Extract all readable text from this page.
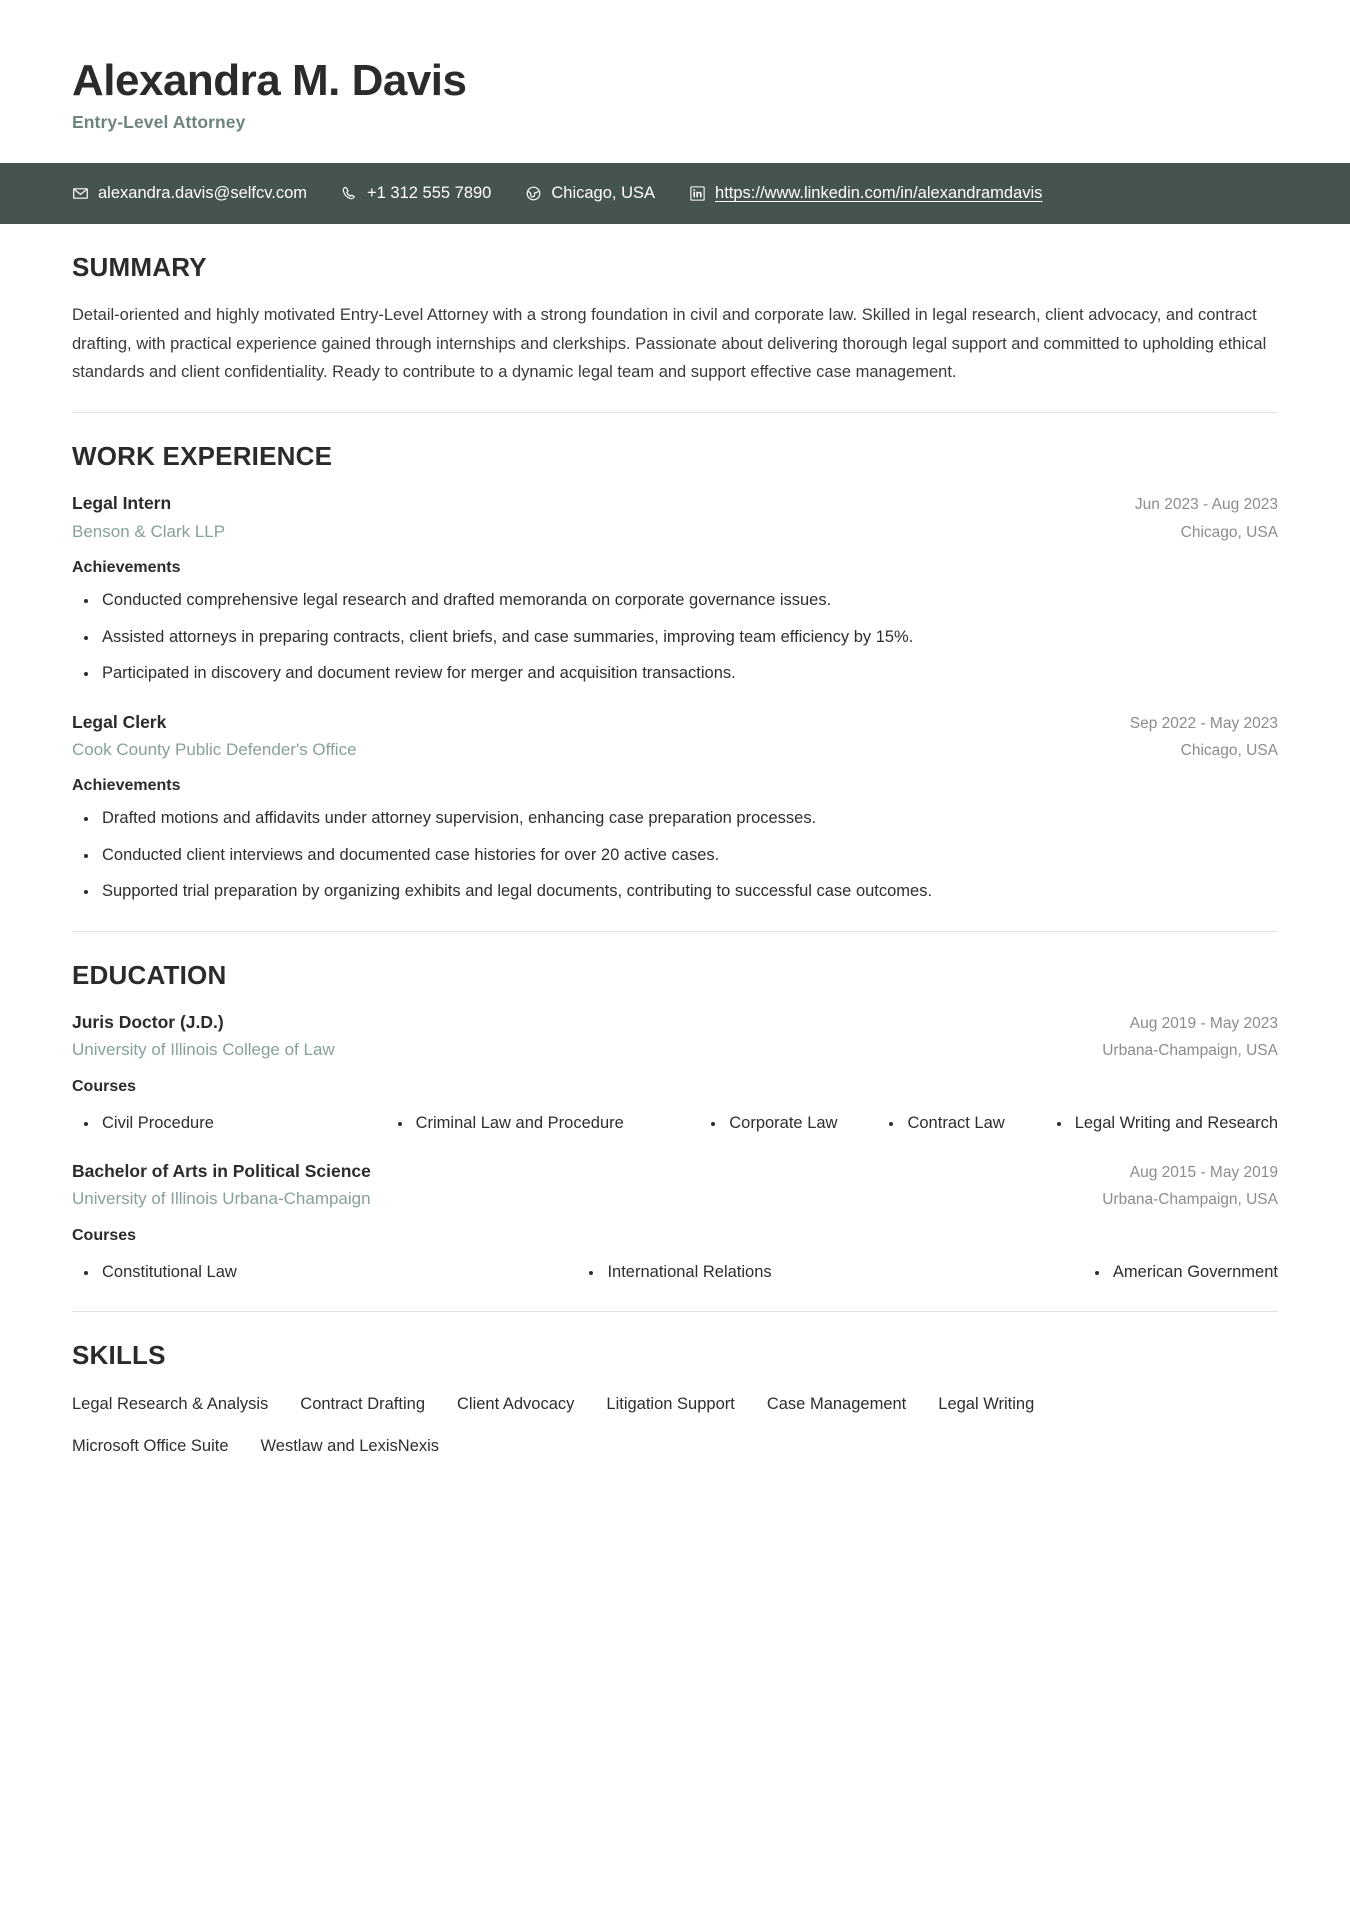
Alexandra M. Davis
Entry-Level Attorney
alexandra.davis@selfcv.com	+1 312 555 7890	Chicago, USA	https://www.linkedin.com/in/alexandramdavis
SUMMARY

Detail-oriented and highly motivated Entry-Level Attorney with a strong foundation in civil and corporate law. Skilled in legal research, client advocacy, and contract drafting, with practical experience gained through internships and clerkships. Passionate about delivering thorough legal support and committed to upholding ethical standards and client confidentiality. Ready to contribute to a dynamic legal team and support effective case management.

WORK EXPERIENCE
Legal Intern	Jun 2023 - Aug 2023
Benson & Clark LLP	Chicago, USA
Achievements
Conducted comprehensive legal research and drafted memoranda on corporate governance issues.
Assisted attorneys in preparing contracts, client briefs, and case summaries, improving team efficiency by 15%.
Participated in discovery and document review for merger and acquisition transactions.
Legal Clerk	Sep 2022 - May 2023
Cook County Public Defender's Office	Chicago, USA
Achievements
Drafted motions and affidavits under attorney supervision, enhancing case preparation processes.
Conducted client interviews and documented case histories for over 20 active cases.
Supported trial preparation by organizing exhibits and legal documents, contributing to successful case outcomes.
EDUCATION
Juris Doctor (J.D.)	Aug 2019 - May 2023
University of Illinois College of Law	Urbana-Champaign, USA
Courses
Civil Procedure	Criminal Law and Procedure	Corporate Law	Contract Law	Legal Writing and Research
Bachelor of Arts in Political Science	Aug 2015 - May 2019
University of Illinois Urbana-Champaign	Urbana-Champaign, USA
Courses
Constitutional Law	International Relations	American Government
SKILLS
Legal Research & Analysis Contract Drafting Client Advocacy Litigation Support Case Management Legal Writing
Microsoft Office Suite Westlaw and LexisNexis
